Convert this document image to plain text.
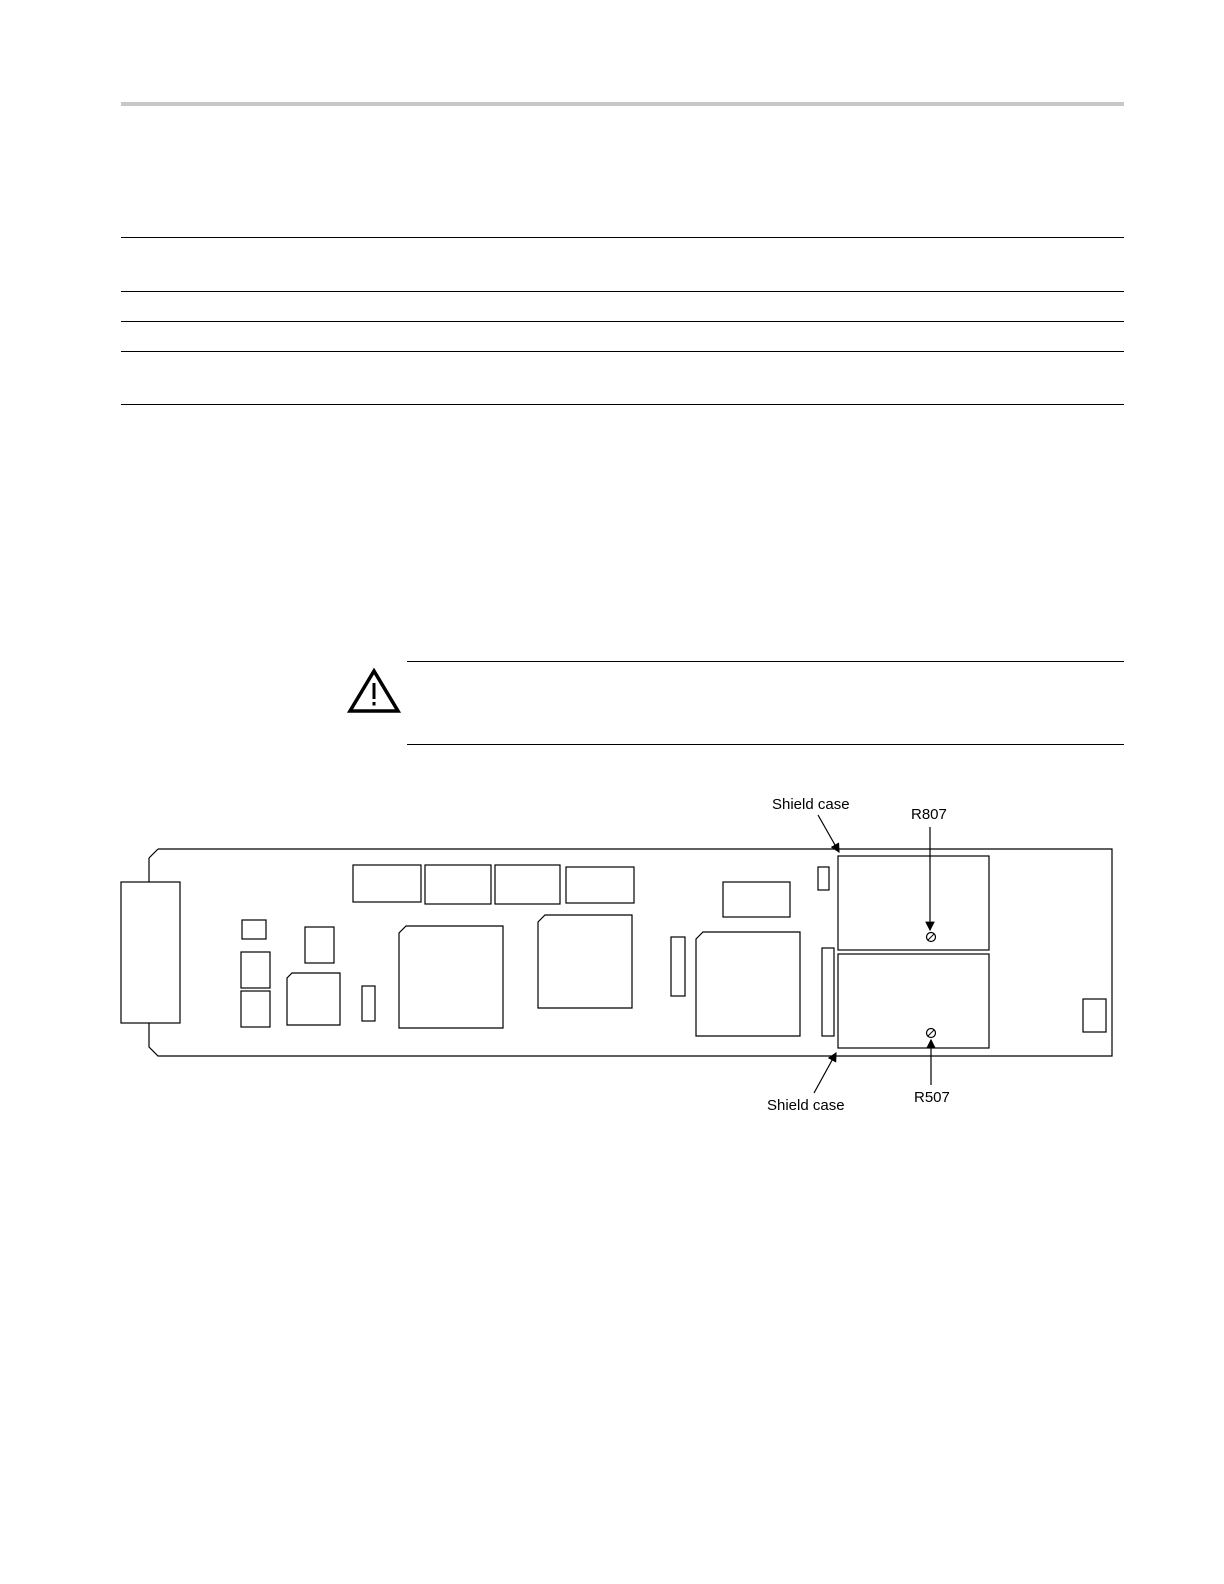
Shield case
R807
Shield case	R507
